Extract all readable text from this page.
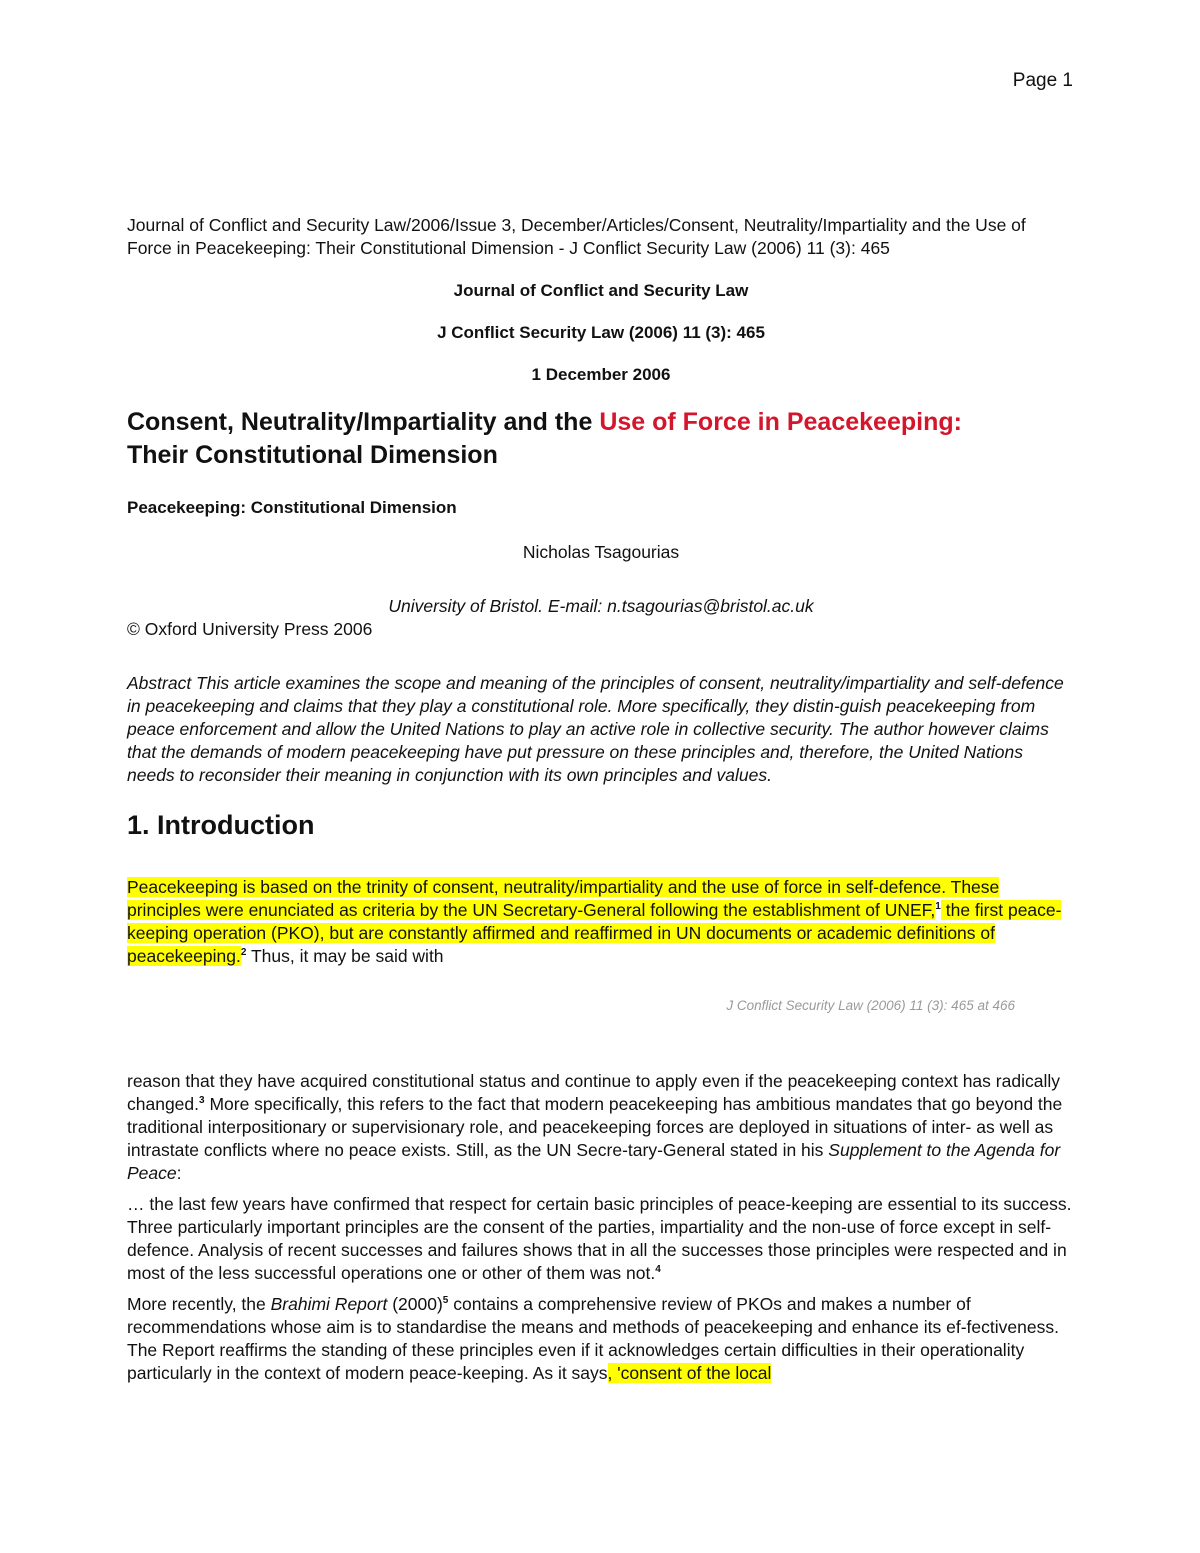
Page 1

Journal of Conflict and Security Law/2006/Issue 3, December/Articles/Consent, Neutrality/Impartiality and the Use of Force in Peacekeeping: Their Constitutional Dimension - J Conflict Security Law (2006) 11 (3): 465

Journal of Conflict and Security Law

J Conflict Security Law (2006) 11 (3): 465

1 December 2006

Consent, Neutrality/Impartiality and the Use of Force in Peacekeeping:
Their Constitutional Dimension

Peacekeeping: Constitutional Dimension

Nicholas Tsagourias

University of Bristol. E-mail: n.tsagourias@bristol.ac.uk

© Oxford University Press 2006

Abstract This article examines the scope and meaning of the principles of consent, neutrality/impartiality and self-defence in peacekeeping and claims that they play a constitutional role. More specifically, they distin-guish peacekeeping from peace enforcement and allow the United Nations to play an active role in collective security. The author however claims that the demands of modern peacekeeping have put pressure on these principles and, therefore, the United Nations needs to reconsider their meaning in conjunction with its own principles and values.

1. Introduction

Peacekeeping is based on the trinity of consent, neutrality/impartiality and the use of force in self-defence. These principles were enunciated as criteria by the UN Secretary-General following the establishment of UNEF,$^1$ the first peace-keeping operation (PKO), but are constantly affirmed and reaffirmed in UN documents or academic definitions of peacekeeping.$^2$ Thus, it may be said with

J Conflict Security Law (2006) 11 (3): 465 at 466

reason that they have acquired constitutional status and continue to apply even if the peacekeeping context has radically changed.$^3$ More specifically, this refers to the fact that modern peacekeeping has ambitious mandates that go beyond the traditional interpositionary or supervisionary role, and peacekeeping forces are deployed in situations of inter- as well as intrastate conflicts where no peace exists. Still, as the UN Secre-tary-General stated in his Supplement to the Agenda for Peace:

… the last few years have confirmed that respect for certain basic principles of peace-keeping are essential to its success. Three particularly important principles are the consent of the parties, impartiality and the non-use of force except in self-defence. Analysis of recent successes and failures shows that in all the successes those principles were respected and in most of the less successful operations one or other of them was not.$^4$

More recently, the Brahimi Report $(2000)^5$ contains a comprehensive review of PKOs and makes a number of recommendations whose aim is to standardise the means and methods of peacekeeping and enhance its ef-fectiveness. The Report reaffirms the standing of these principles even if it acknowledges certain difficulties in their operationality particularly in the context of modern peace-keeping. As it says, 'consent of the local
